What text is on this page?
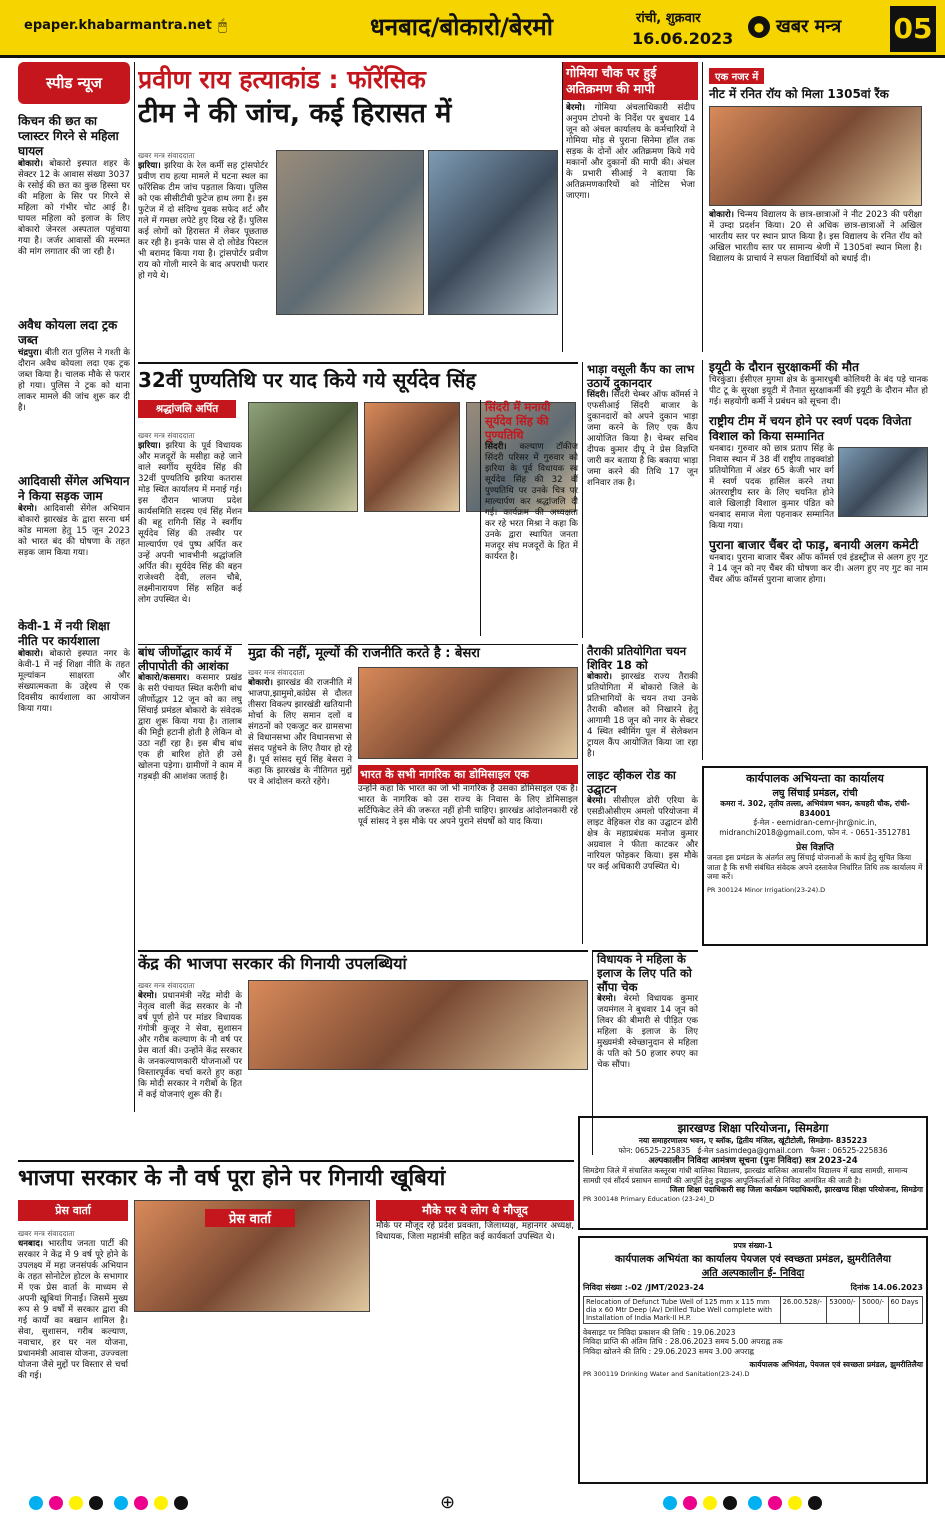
epaper.khabarmantra.net 🖱	धनबाद/बोकारो/बेरमो	रांची, शुक्रवार
16.06.2023
● खबर मन्त्र 05
स्पीड न्यूज
किचन की छत का प्लास्टर गिरने से महिला घायल

बोकारो। बोकारो इस्पात शहर के सेक्टर 12 के आवास संख्या 3037 के रसोई की छत का कुछ हिस्सा घर की महिला के सिर पर गिरने से महिला को गंभीर चोट आई है। घायल महिला को इलाज के लिए बोकारो जेनरल अस्पताल पहुंचाया गया है। जर्जर आवासों की मरम्मत की मांग लगातार की जा रही है।

अवैध कोयला लदा ट्रक जब्त

चंद्रपुरा। बीती रात पुलिस ने गश्ती के दौरान अवैध कोयला लदा एक ट्रक जब्त किया है। चालक मौके से फरार हो गया। पुलिस ने ट्रक को थाना लाकर मामले की जांच शुरू कर दी है।

आदिवासी सेंगेल अभियान ने किया सड़क जाम

बेरमो। आदिवासी सेंगेल अभियान बोकारो झारखंड के द्वारा सरना धर्म कोड मामला हेतु 15 जून 2023 को भारत बंद की घोषणा के तहत सड़क जाम किया गया।

केवी-1 में नयी शिक्षा नीति पर कार्यशाला

बोकारो। बोकारो इस्पात नगर के केवी-1 में नई शिक्षा नीति के तहत मूल्यांकन साक्षरता और संख्यात्मकता के उद्देश्य से एक दिवसीय कार्यशाला का आयोजन किया गया।

प्रवीण राय हत्याकांड : फॉरेंसिक
टीम ने की जांच, कई हिरासत में

खबर मन्त्र संवाददाता

झरिया। झरिया के रेल कर्मी सह ट्रांसपोर्टर प्रवीण राय हत्या मामले में घटना स्थल का फॉरेंसिक टीम जांच पड़ताल किया। पुलिस को एक सीसीटीवी फुटेज हाथ लगा है। इस फुटेज में दो संदिग्ध युवक सफेद शर्ट और गले में गमछा लपेटे हुए दिख रहे हैं। पुलिस कई लोगों को हिरासत में लेकर पूछताछ कर रही है। इनके पास से दो लोडेड पिस्टल भी बरामद किया गया है। ट्रांसपोर्टर प्रवीण राय को गोली मारने के बाद अपराधी फरार हो गये थे।

गोमिया चौक पर हुई अतिक्रमण की मापी

बेरमो। गोमिया अंचलाधिकारी संदीप अनुपम टोपनो के निर्देश पर बुधवार 14 जून को अंचल कार्यालय के कर्मचारियों ने गोमिया मोड़ से पुराना सिनेमा हॉल तक सड़क के दोनों ओर अतिक्रमण किये गये मकानों और दुकानों की मापी की। अंचल के प्रभारी सीआई ने बताया कि अतिक्रमणकारियों को नोटिस भेजा जाएगा।

एक नजर में
नीट में रनित रॉय को मिला 1305वां रैंक

बोकारो। चिन्मय विद्यालय के छात्र-छात्राओं ने नीट 2023 की परीक्षा में उम्दा प्रदर्शन किया। 20 से अधिक छात्र-छात्राओं ने अखिल भारतीय स्तर पर स्थान प्राप्त किया है। इस विद्यालय के रनित रॉय को अखिल भारतीय स्तर पर सामान्य श्रेणी में 1305वां स्थान मिला है। विद्यालय के प्राचार्य ने सफल विद्यार्थियों को बधाई दी।

32वीं पुण्यतिथि पर याद किये गये सूर्यदेव सिंह
श्रद्धांजलि अर्पित

खबर मन्त्र संवाददाता

झरिया। झरिया के पूर्व विधायक और मजदूरों के मसीहा कहे जाने वाले स्वर्गीय सूर्यदेव सिंह की 32वीं पुण्यतिथि झरिया कतरास मोड़ स्थित कार्यालय में मनाई गई। इस दौरान भाजपा प्रदेश कार्यसमिति सदस्य एवं सिंह मेंशन की बहू रागिनी सिंह ने स्वर्गीय सूर्यदेव सिंह की तस्वीर पर माल्यार्पण एवं पुष्प अर्पित कर उन्हें अपनी भावभीनी श्रद्धांजलि अर्पित की। सूर्यदेव सिंह की बहन राजेश्वरी देवी, ललन चौबे, लक्ष्मीनारायण सिंह सहित कई लोग उपस्थित थे।

सिंदरी में मनायी सूर्यदेव सिंह की पुण्यतिथि

सिंदरी। कल्याण टॉकीज सिंदरी परिसर में गुरुवार को झरिया के पूर्व विधायक स्व सूर्यदेव सिंह की 32 वीं पुण्यतिथि पर उनके चित्र पर माल्यार्पण कर श्रद्धांजलि दी गई। कार्यक्रम की अध्यक्षता कर रहे भरत मिश्रा ने कहा कि उनके द्वारा स्थापित जनता मजदूर संघ मजदूरों के हित में कार्यरत है।

भाड़ा वसूली कैंप का लाभ उठायें दुकानदार

सिंदरी। सिंदरी चेम्बर ऑफ कॉमर्स ने एफसीआई सिंदरी बाजार के दुकानदारों को अपने दुकान भाड़ा जमा करने के लिए एक कैंप आयोजित किया है। चेम्बर सचिव दीपक कुमार दीपू ने प्रेस विज्ञप्ति जारी कर बताया है कि बकाया भाड़ा जमा करने की तिथि 17 जून शनिवार तक है।

इयूटी के दौरान सुरक्षाकर्मी की मौत

चिरकुंडा। ईसीएल मुगमा क्षेत्र के कुमारधुबी कोलियरी के बंद पड़े चानक पीट टू के सुरक्षा इयूटी में तैनात सुरक्षाकर्मी की इयूटी के दौरान मौत हो गई। सहयोगी कर्मी ने प्रबंधन को सूचना दी।

राष्ट्रीय टीम में चयन होने पर स्वर्ण पदक विजेता विशाल को किया सम्मानित

धनबाद। गुरुवार को छात्र प्रताप सिंह के निवास स्थान में 38 वीं राष्ट्रीय ताइक्वांडो प्रतियोगिता में अंडर 65 केजी भार वर्ग में स्वर्ण पदक हासिल करने तथा अंतरराष्ट्रीय स्तर के लिए चयनित होने वाले खिलाड़ी विशाल कुमार पंडित को धनबाद समाज मेला पहनाकर सम्मानित किया गया।

पुराना बाजार चैंबर दो फाड़, बनायी अलग कमेटी

धनबाद। पुराना बाजार चैंबर ऑफ कॉमर्स एवं इंडस्ट्रीज से अलग हुए गुट ने 14 जून को नए चैंबर की घोषणा कर दी। अलग हुए नए गुट का नाम चैंबर ऑफ कॉमर्स पुराना बाजार होगा।

बांध जीर्णोद्धार कार्य में लीपापोती की आशंका

बोकारो/कसमार। कसमार प्रखंड के सरी पंचायत स्थित करीगी बांध जीर्णोद्धार 12 जून को का लघु सिंचाई प्रमंडल बोकारो के संवेदक द्वारा शुरू किया गया है। तालाब की मिट्टी हटानी होती है लेकिन वो उठा नहीं रहा है। इस बीच बांध एक ही बारिश होते ही उसे खोलना पड़ेगा। ग्रामीणों ने काम में गड़बड़ी की आशंका जताई है।

मुद्रा की नहीं, मूल्यों की राजनीति करते है : बेसरा

खबर मन्त्र संवाददाता

बोकारो। झारखंड की राजनीति में भाजपा,झामुमो,कांग्रेस से दौलत तीसरा विकल्प झारखंडी खतियानी मोर्चा के लिए समान दलों व संगठनों को एकजुट कर ग्रामसभा से विधानसभा और विधानसभा से संसद पहुंचने के लिए तैयार हो रहे हैं। पूर्व सांसद सूर्य सिंह बेसरा ने कहा कि झारखंड के नीतिगत मुद्दों पर वे आंदोलन करते रहेंगे।

भारत के सभी नागरिक का डोमिसाइल एक

उन्होंने कहा कि भारत का जो भी नागरिक है उसका डोमिसाइल एक है। भारत के नागरिक को उस राज्य के निवास के लिए डोमिसाइल सर्टिफिकेट लेने की जरूरत नहीं होनी चाहिए। झारखंड आंदोलनकारी रहे पूर्व सांसद ने इस मौके पर अपने पुराने संघर्षों को याद किया।

तैराकी प्रतियोगिता चयन शिविर 18 को

बोकारो। झारखंड राज्य तैराकी प्रतियोगिता में बोकारो जिले के प्रतिभागियों के चयन तथा उनके तैराकी कौशल को निखारने हेतु आगामी 18 जून को नगर के सेक्टर 4 स्थित स्वीमिंग पूल में सेलेक्शन ट्रायल कैंप आयोजित किया जा रहा है।

लाइट व्हीकल रोड का उद्घाटन

बेरमो। सीसीएल ढोरी एरिया के एसडीओसीएम अमलो परियोजना में लाइट वेहिकल रोड का उद्घाटन ढोरी क्षेत्र के महाप्रबंधक मनोज कुमार अग्रवाल ने फीता काटकर और नारियल फोड़कर किया। इस मौके पर कई अधिकारी उपस्थित थे।

कार्यपालक अभियन्ता का कार्यालय
लघु सिंचाई प्रमंडल, रांची

कमरा नं. 302, तृतीय तल्ला, अभियंत्रण भवन, कचहरी चौक, रांची- 834001

ई-मेल - eemidran-cemr-jhr@nic.in, midranchi2018@gmail.com, फोन नं. - 0651-3512781

प्रेस विज्ञप्ति

जनता इस प्रमंडल के अंतर्गत लघु सिंचाई योजनाओं के कार्य हेतु सूचित किया जाता है कि सभी संबंधित संवेदक अपने दस्तावेज निर्धारित तिथि तक कार्यालय में जमा करें।

PR 300124 Minor Irrigation(23-24).D

केंद्र की भाजपा सरकार की गिनायी उपलब्धियां

खबर मन्त्र संवाददाता

बेरमो। प्रधानमंत्री नरेंद्र मोदी के नेतृत्व वाली केंद्र सरकार के नौ वर्ष पूर्ण होने पर मांडर विधायक गंगोत्री कुजूर ने सेवा, सुशासन और गरीब कल्याण के नौ वर्ष पर प्रेस वार्ता की। उन्होंने केंद्र सरकार के जनकल्याणकारी योजनाओं पर विस्तारपूर्वक चर्चा करते हुए कहा कि मोदी सरकार ने गरीबों के हित में कई योजनाएं शुरू की हैं।

विधायक ने महिला के इलाज के लिए पति को सौंपा चेक

बेरमो। बेरमो विधायक कुमार जयमंगल ने बुधवार 14 जून को लिवर की बीमारी से पीड़ित एक महिला के इलाज के लिए मुख्यमंत्री स्वेच्छानुदान से महिला के पति को 50 हजार रुपए का चेक सौंपा।

झारखण्ड शिक्षा परियोजना, सिमडेगा

नया समाहरणालय भवन, ए ब्लॉक, द्वितीय मंजिल, खूंटीटोली, सिमडेगा- 835223

फोन: 06525-225835 ई-मेल sasimdega@gmail.com फैक्स : 06525-225836

अल्पकालीन निविदा आमंत्रण सूचना (पुनः निविदा) सत्र 2023-24

सिमडेगा जिले में संचालित कस्तूरबा गांधी बालिका विद्यालय, झारखंड बालिका आवासीय विद्यालय में खाद्य सामग्री, सामान्य सामग्री एवं सौंदर्य प्रसाधन सामग्री की आपूर्ति हेतु इच्छुक आपूर्तिकर्ताओं से निविदा आमंत्रित की जाती है।

जिला शिक्षा पदाधिकारी सह जिला कार्यक्रम पदाधिकारी, झारखण्ड शिक्षा परियोजना, सिमडेगा

PR 300148 Primary Education (23-24)_D

भाजपा सरकार के नौ वर्ष पूरा होने पर गिनायी खूबियां
प्रेस वार्ता

खबर मन्त्र संवाददाता

धनबाद। भारतीय जनता पार्टी की सरकार ने केंद्र में 9 वर्ष पूरे होने के उपलक्ष्य में महा जनसंपर्क अभियान के तहत सोनोटेल होटल के सभागार में एक प्रेस वार्ता के माध्यम से अपनी खूबियां गिनाईं। जिसमें मुख्य रूप से 9 वर्षों में सरकार द्वारा की गई कार्यों का बखान शामिल है। सेवा, सुशासन, गरीब कल्याण, नवाचार, हर घर नल योजना, प्रधानमंत्री आवास योजना, उज्ज्वला योजना जैसे मुद्दों पर विस्तार से चर्चा की गई।

प्रेस वार्ता
मौके पर ये लोग थे मौजूद

मौके पर मौजूद रहे प्रदेश प्रवक्ता, जिलाध्यक्ष, महानगर अध्यक्ष, विधायक, जिला महामंत्री सहित कई कार्यकर्ता उपस्थित थे।

प्रपत्र संख्या-1

कार्यपालक अभियंता का कार्यालय पेयजल एवं स्वच्छता प्रमंडल, झुमरीतिलैया
अति अल्पकालीन ई- निविदा
निविदा संख्या :-02 /JMT/2023-24	दिनांक 14.06.2023
Relocation of Defunct Tube Well of 125 mm x 115 mm dia x 60 Mtr Deep (Av) Drilled Tube Well complete with Installation of India Mark-II H.P.	26.00.528/-	53000/-	5000/-	60 Days

वेबसाइट पर निविदा प्रकाशन की तिथि : 19.06.2023

निविदा प्राप्ति की अंतिम तिथि : 28.06.2023 समय 5.00 अपराह्न तक

निविदा खोलने की तिथि : 29.06.2023 समय 3.00 अपराह्न

कार्यपालक अभियंता, पेयजल एवं स्वच्छता प्रमंडल, झुमरीतिलैया

PR 300119 Drinking Water and Sanitation(23-24).D

⊕
